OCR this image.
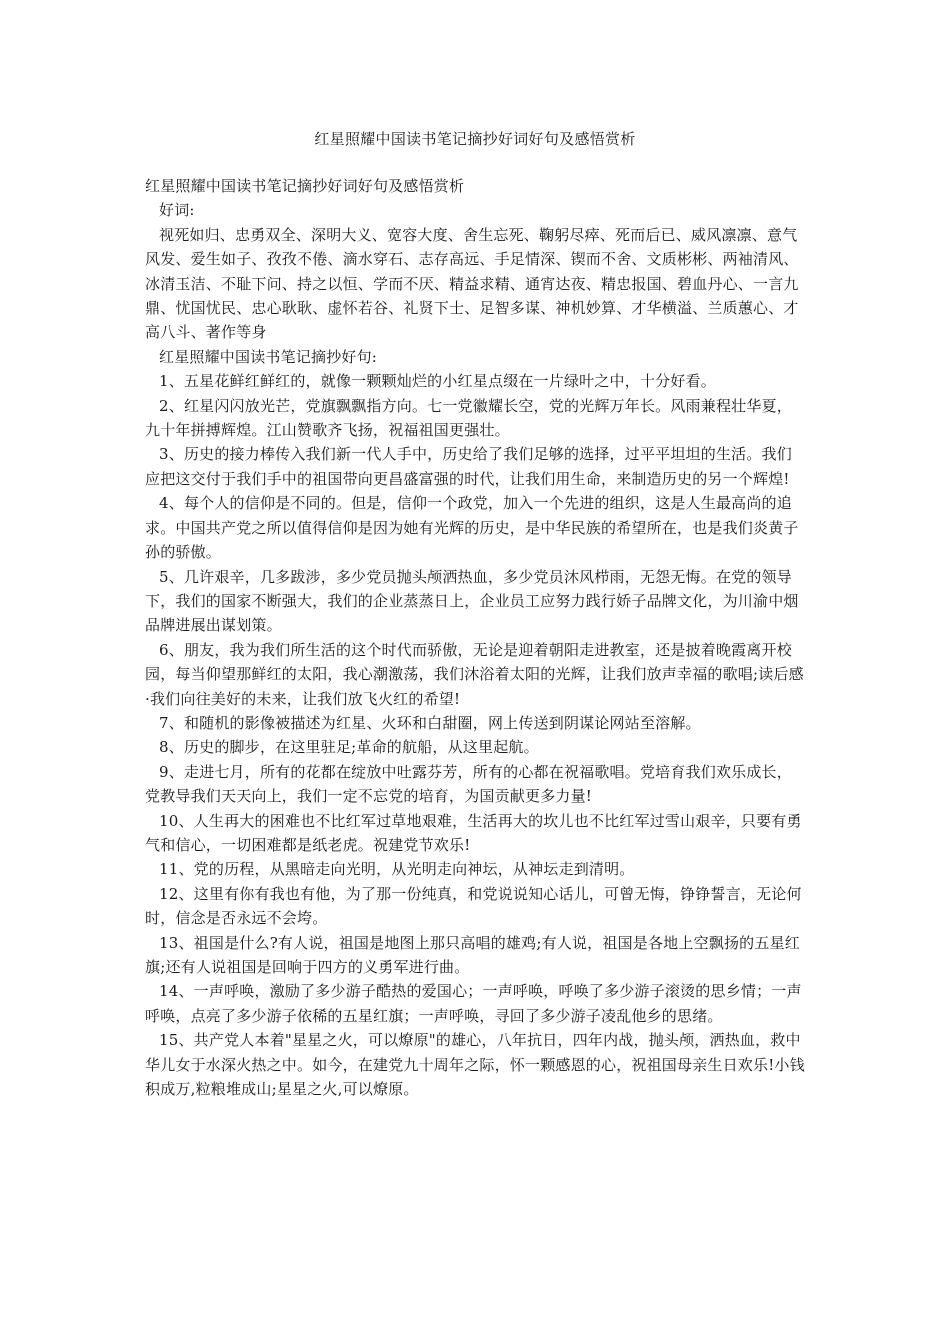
红星照耀中国读书笔记摘抄好词好句及感悟赏析

红星照耀中国读书笔记摘抄好词好句及感悟赏析

好词:

视死如归、忠勇双全、深明大义、宽容大度、舍生忘死、鞠躬尽瘁、死而后已、威风凛凛、意气风发、爱生如子、孜孜不倦、滴水穿石、志存高远、手足情深、锲而不舍、文质彬彬、两袖清风、冰清玉洁、不耻下问、持之以恒、学而不厌、精益求精、通宵达夜、精忠报国、碧血丹心、一言九鼎、忧国忧民、忠心耿耿、虚怀若谷、礼贤下士、足智多谋、神机妙算、才华横溢、兰质蕙心、才高八斗、著作等身

红星照耀中国读书笔记摘抄好句:

1、五星花鲜红鲜红的，就像一颗颗灿烂的小红星点缀在一片绿叶之中，十分好看。

2、红星闪闪放光芒，党旗飘飘指方向。七一党徽耀长空，党的光辉万年长。风雨兼程壮华夏，九十年拼搏辉煌。江山赞歌齐飞扬，祝福祖国更强壮。

3、历史的接力棒传入我们新一代人手中，历史给了我们足够的选择，过平平坦坦的生活。我们应把这交付于我们手中的祖国带向更昌盛富强的时代，让我们用生命，来制造历史的另一个辉煌!

4、每个人的信仰是不同的。但是，信仰一个政党，加入一个先进的组织，这是人生最高尚的追求。中国共产党之所以值得信仰是因为她有光辉的历史，是中华民族的希望所在，也是我们炎黄子孙的骄傲。

5、几许艰辛，几多跋涉，多少党员抛头颅洒热血，多少党员沐风栉雨，无怨无悔。在党的领导下，我们的国家不断强大，我们的企业蒸蒸日上，企业员工应努力践行娇子品牌文化，为川渝中烟品牌进展出谋划策。

6、朋友，我为我们所生活的这个时代而骄傲，无论是迎着朝阳走进教室，还是披着晚霞离开校园，每当仰望那鲜红的太阳，我心潮激荡，我们沐浴着太阳的光辉，让我们放声幸福的歌唱;读后感·我们向往美好的未来，让我们放飞火红的希望!

7、和随机的影像被描述为红星、火环和白甜圈，网上传送到阴谋论网站至溶解。

8、历史的脚步，在这里驻足;革命的航船，从这里起航。

9、走进七月，所有的花都在绽放中吐露芬芳，所有的心都在祝福歌唱。党培育我们欢乐成长，党教导我们天天向上，我们一定不忘党的培育，为国贡献更多力量!

10、人生再大的困难也不比红军过草地艰难，生活再大的坎儿也不比红军过雪山艰辛，只要有勇气和信心，一切困难都是纸老虎。祝建党节欢乐!

11、党的历程，从黑暗走向光明，从光明走向神坛，从神坛走到清明。

12、这里有你有我也有他，为了那一份纯真，和党说说知心话儿，可曾无悔，铮铮誓言，无论何时，信念是否永远不会垮。

13、祖国是什么?有人说，祖国是地图上那只高唱的雄鸡;有人说，祖国是各地上空飘扬的五星红旗;还有人说祖国是回响于四方的义勇军进行曲。

14、一声呼唤，激励了多少游子酷热的爱国心；一声呼唤，呼唤了多少游子滚烫的思乡情；一声呼唤，点亮了多少游子依稀的五星红旗；一声呼唤，寻回了多少游子凌乱他乡的思绪。

15、共产党人本着"星星之火，可以燎原"的雄心，八年抗日，四年内战，抛头颅，洒热血，救中华儿女于水深火热之中。如今，在建党九十周年之际，怀一颗感恩的心，祝祖国母亲生日欢乐!小钱积成万,粒粮堆成山;星星之火,可以燎原。
